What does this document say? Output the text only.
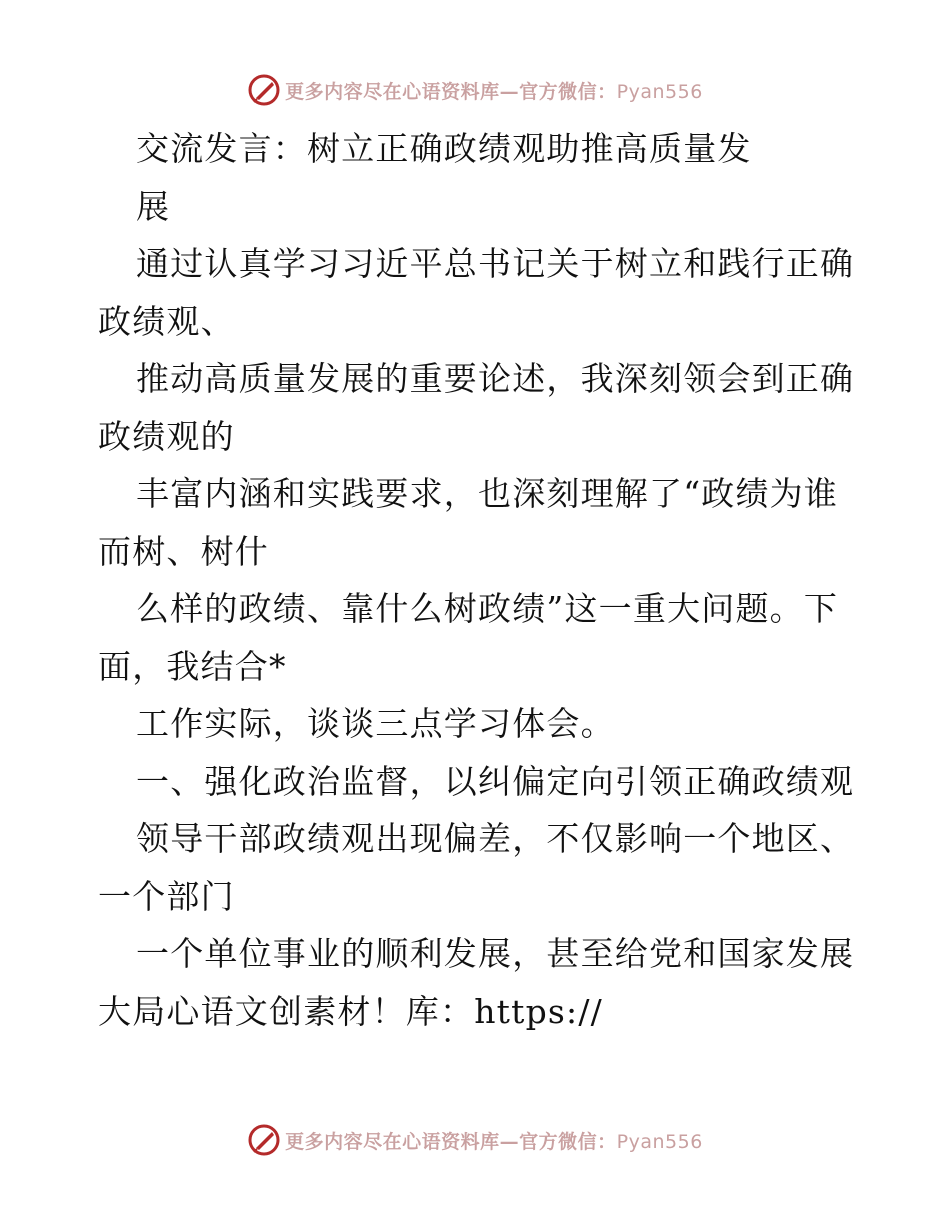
更多内容尽在心语资料库—官方微信：Pyan556
交流发言：树立正确政绩观助推高质量发
展
通过认真学习习近平总书记关于树立和践行正确
政绩观、
推动高质量发展的重要论述，我深刻领会到正确
政绩观的
丰富内涵和实践要求，也深刻理解了“政绩为谁
而树、树什
么样的政绩、靠什么树政绩”这一重大问题。下
面，我结合*
工作实际，谈谈三点学习体会。
一、强化政治监督，以纠偏定向引领正确政绩观
领导干部政绩观出现偏差，不仅影响一个地区、
一个部门
一个单位事业的顺利发展，甚至给党和国家发展
大局心语文创素材！库：https://
更多内容尽在心语资料库—官方微信：Pyan556
